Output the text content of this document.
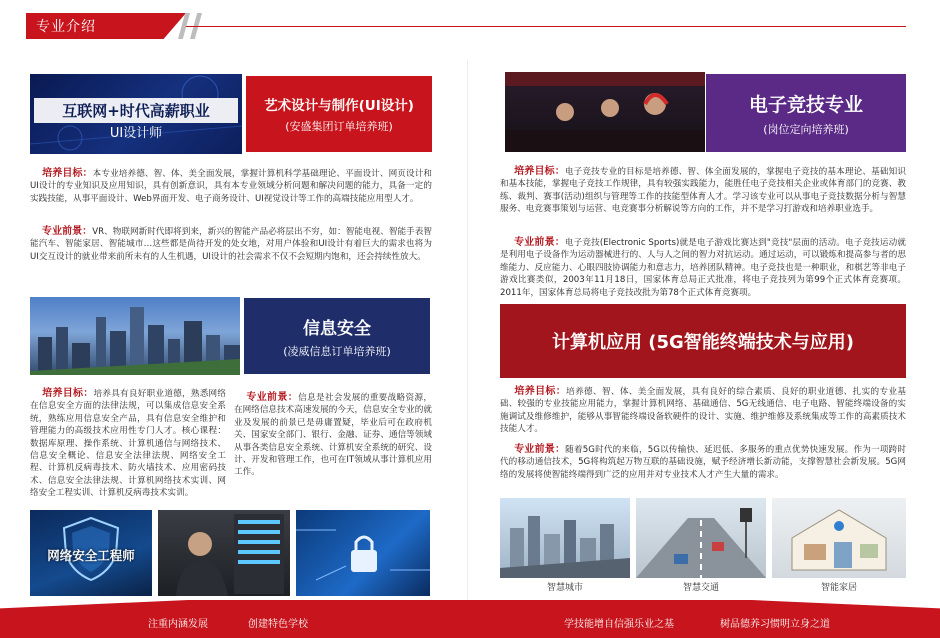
专业介绍
互联网+时代高薪职业
UI设计师
艺术设计与制作(UI设计)
(安盛集团订单培养班)
培养目标：本专业培养德、智、体、美全面发展，掌握计算机科学基础理论、平面设计、网页设计和UI设计的专业知识及应用知识，具有创新意识，具有本专业领域分析问题和解决问题的能力，具备一定的实践技能，从事平面设计、Web界面开发、电子商务设计、UI视觉设计等工作的高端技能应用型人才。
专业前景：VR、物联网新时代即将到来，新兴的智能产品必将层出不穷，如：智能电视、智能手表智能汽车、智能家居、智能城市…这些都是尚待开发的处女地，对用户体验和UI设计有着巨大的需求也将为UI交互设计的就业带来前所未有的人生机遇，UI设计的社会需求不仅不会短期内饱和，还会持续性放大。
信息安全
(凌威信息订单培养班)
培养目标：培养具有良好职业道德，熟悉网络在信息安全方面的法律法规，可以集成信息安全系统，熟练应用信息安全产品，具有信息安全维护和管理能力的高级技术应用性专门人才。核心课程：数据库原理、操作系统、计算机通信与网络技术、信息安全概论、信息安全法律法规、网络安全工程、计算机反病毒技术、防火墙技术、应用密码技术、信息安全法律法规、计算机网络技术实训、网络安全工程实训、计算机反病毒技术实训。
专业前景：信息是社会发展的重要战略资源，在网络信息技术高速发展的今天，信息安全专业的就业及发展的前景已是毋庸置疑，毕业后可在政府机关、国家安全部门、银行、金融、证券、通信等领域从事各类信息安全系统、计算机安全系统的研究、设计、开发和管理工作，也可在IT领域从事计算机应用工作。
网络安全工程师
电子竞技专业
(岗位定向培养班)
培养目标：电子竞技专业的目标是培养德、智、体全面发展的，掌握电子竞技的基本理论、基础知识和基本技能，掌握电子竞技工作规律，具有较强实践能力，能胜任电子竞技相关企业或体育部门的竞赛、教练、裁判、赛事(活动)组织与管理等工作的技能型体育人才。学习该专业可以从事电子竞技数据分析与智慧服务、电竞赛事策划与运营、电竞赛事分析解说等方向的工作，并不是学习打游戏和培养职业选手。
专业前景：电子竞技(Electronic Sports)就是电子游戏比赛达到"竞技"层面的活动。电子竞技运动就是利用电子设备作为运动器械进行的、人与人之间的智力对抗运动。通过运动，可以锻炼和提高参与者的思维能力、反应能力、心眼四肢协调能力和意志力，培养团队精神。电子竞技也是一种职业，和棋艺等非电子游戏比赛类似，2003年11月18日，国家体育总局正式批准，将电子竞技列为第99个正式体育竞赛项。2011年，国家体育总局将电子竞技改批为第78个正式体育竞赛项。
计算机应用 (5G智能终端技术与应用)
培养目标：培养德、智、体、美全面发展，具有良好的综合素质、良好的职业道德、扎实的专业基础、较强的专业技能应用能力，掌握计算机网络、基础通信、5G无线通信、电子电路、智能终端设备的实施调试及维修维护，能够从事智能终端设备软硬件的设计、实施、维护维修及系统集成等工作的高素质技术技能人才。
专业前景：随着5G时代的来临，5G以传输快、延迟低、多服务的重点优势快速发展。作为一项跨时代的移动通信技术，5G将构筑起万物互联的基础设施，赋予经济增长新动能，支撑智慧社会新发展。5G网络的发展将使智能终端得到广泛的应用并对专业技术人才产生大量的需求。
智慧城市	智慧交通	智能家居
注重内涵发展	创建特色学校	学技能增自信强乐业之基	树品德养习惯明立身之道
